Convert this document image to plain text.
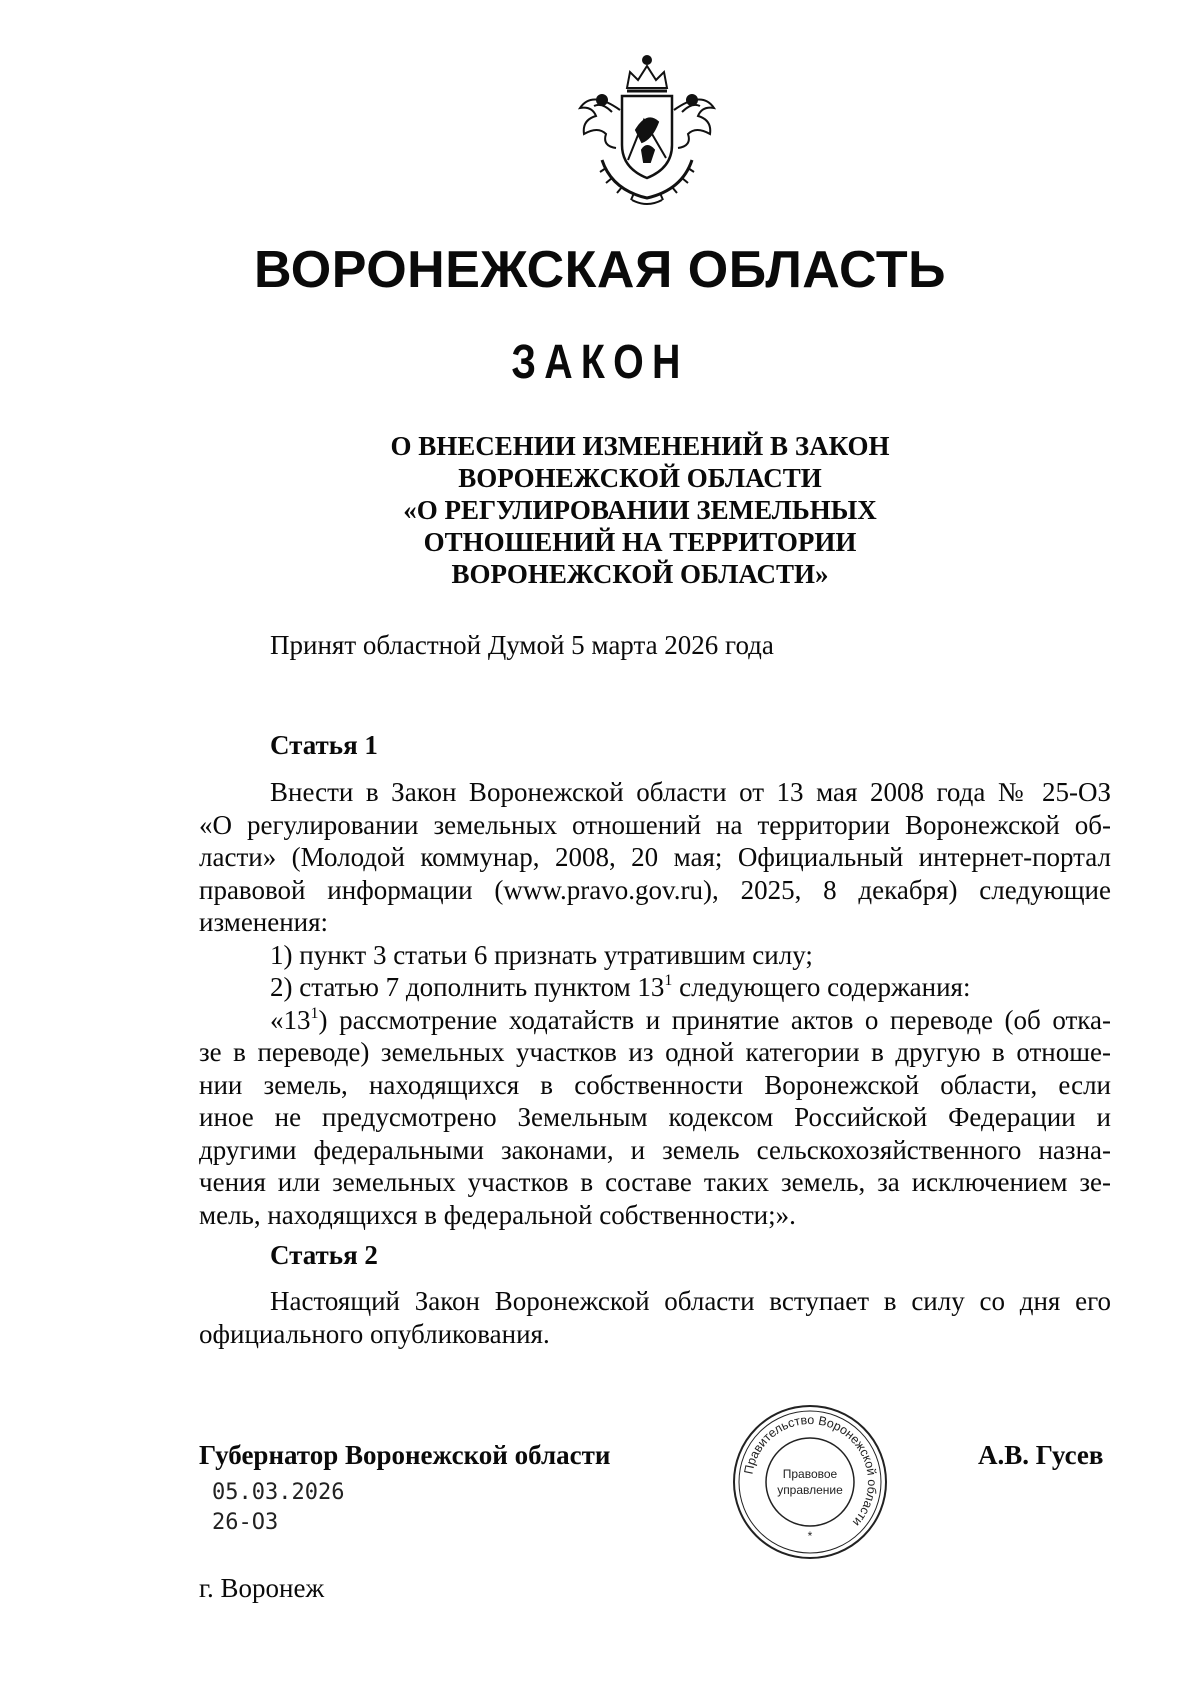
ВОРОНЕЖСКАЯ ОБЛАСТЬ
ЗАКОН
О ВНЕСЕНИИ ИЗМЕНЕНИЙ В ЗАКОН
ВОРОНЕЖСКОЙ ОБЛАСТИ
«О РЕГУЛИРОВАНИИ ЗЕМЕЛЬНЫХ
ОТНОШЕНИЙ НА ТЕРРИТОРИИ
ВОРОНЕЖСКОЙ ОБЛАСТИ»

Принят областной Думой 5 марта 2026 года

Статья 1

Внести в Закон Воронежской области от 13 мая 2008 года № 25-ОЗ
«О регулировании земельных отношений на территории Воронежской об-
ласти» (Молодой коммунар, 2008, 20 мая; Официальный интернет-портал
правовой информации (www.pravo.gov.ru), 2025, 8 декабря) следующие
изменения:
1) пункт 3 статьи 6 признать утратившим силу;
2) статью 7 дополнить пунктом $13^1$ следующего содержания:
«$13^1$) рассмотрение ходатайств и принятие актов о переводе (об отка-
зе в переводе) земельных участков из одной категории в другую в отноше-
нии земель, находящихся в собственности Воронежской области, если
иное не предусмотрено Земельным кодексом Российской Федерации и
другими федеральными законами, и земель сельскохозяйственного назна-
чения или земельных участков в составе таких земель, за исключением зе-
мель, находящихся в федеральной собственности;».

Статья 2

Настоящий Закон Воронежской области вступает в силу со дня его
официального опубликования.

Губернатор Воронежской области

05.03.2026
26-ОЗ
г. Воронеж
А.В. Гусев
Правительство Воронежской области
Правовое
управление
*
